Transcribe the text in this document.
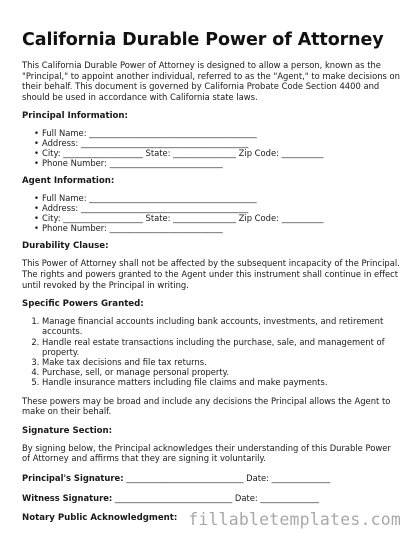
California Durable Power of Attorney

This California Durable Power of Attorney is designed to allow a person, known as the "Principal," to appoint another individual, referred to as the "Agent," to make decisions on their behalf. This document is governed by California Probate Code Section 4400 and should be used in accordance with California state laws.

Principal Information:
• Full Name: ________________________________________
• Address: ________________________________________
• City: ___________________ State: _______________ Zip Code: __________
• Phone Number: ___________________________
Agent Information:
• Full Name: ________________________________________
• Address: ________________________________________
• City: ___________________ State: _______________ Zip Code: __________
• Phone Number: ___________________________
Durability Clause:

This Power of Attorney shall not be affected by the subsequent incapacity of the Principal. The rights and powers granted to the Agent under this instrument shall continue in effect until revoked by the Principal in writing.

Specific Powers Granted:
1. Manage financial accounts including bank accounts, investments, and retirement accounts.
2. Handle real estate transactions including the purchase, sale, and management of property.
3. Make tax decisions and file tax returns.
4. Purchase, sell, or manage personal property.
5. Handle insurance matters including file claims and make payments.

These powers may be broad and include any decisions the Principal allows the Agent to make on their behalf.

Signature Section:

By signing below, the Principal acknowledges their understanding of this Durable Power of Attorney and affirms that they are signing it voluntarily.

Principal's Signature: ____________________________ Date: ______________
Witness Signature: ____________________________ Date: ______________
Notary Public Acknowledgment: fillabletemplates.com
